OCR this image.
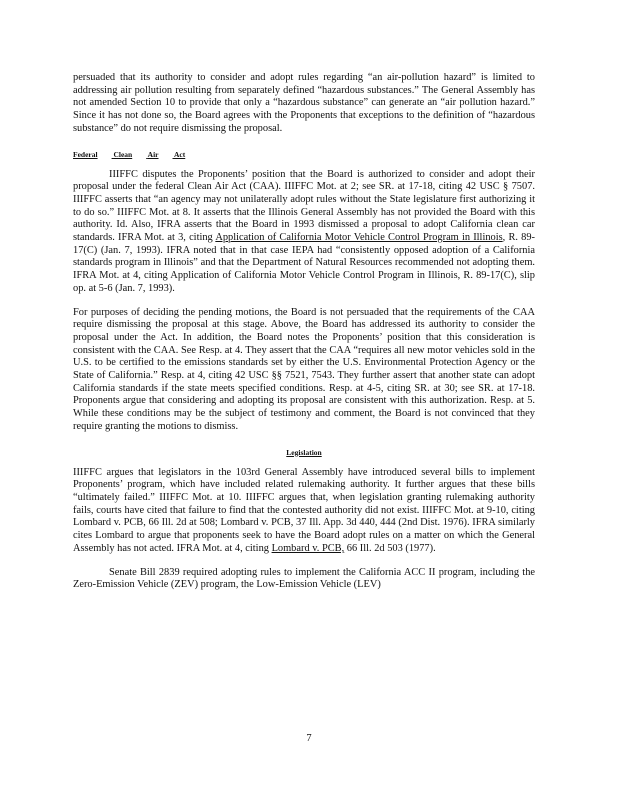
persuaded that its authority to consider and adopt rules regarding “an air-pollution hazard” is limited to addressing air pollution resulting from separately defined “hazardous substances.” The General Assembly has not amended Section 10 to provide that only a “hazardous substance” can generate an “air pollution hazard.” Since it has not done so, the Board agrees with the Proponents that exceptions to the definition of “hazardous substance” do not require dismissing the proposal.

Federal Clean Air Act

IIIFFC disputes the Proponents’ position that the Board is authorized to consider and adopt their proposal under the federal Clean Air Act (CAA). IIIFFC Mot. at 2; see SR. at 17-18, citing 42 USC § 7507. IIIFFC asserts that “an agency may not unilaterally adopt rules without the State legislature first authorizing it to do so.” IIIFFC Mot. at 8. It asserts that the Illinois General Assembly has not provided the Board with this authority. Id. Also, IFRA asserts that the Board in 1993 dismissed a proposal to adopt California clean car standards. IFRA Mot. at 3, citing Application of California Motor Vehicle Control Program in Illinois, R. 89-17(C) (Jan. 7, 1993). IFRA noted that in that case IEPA had “consistently opposed adoption of a California standards program in Illinois” and that the Department of Natural Resources recommended not adopting them. IFRA Mot. at 4, citing Application of California Motor Vehicle Control Program in Illinois, R. 89-17(C), slip op. at 5-6 (Jan. 7, 1993).

For purposes of deciding the pending motions, the Board is not persuaded that the requirements of the CAA require dismissing the proposal at this stage. Above, the Board has addressed its authority to consider the proposal under the Act. In addition, the Board notes the Proponents’ position that this consideration is consistent with the CAA. See Resp. at 4. They assert that the CAA “requires all new motor vehicles sold in the U.S. to be certified to the emissions standards set by either the U.S. Environmental Protection Agency or the State of California.” Resp. at 4, citing 42 USC §§ 7521, 7543. They further assert that another state can adopt California standards if the state meets specified conditions. Resp. at 4-5, citing SR. at 30; see SR. at 17-18. Proponents argue that considering and adopting its proposal are consistent with this authorization. Resp. at 5. While these conditions may be the subject of testimony and comment, the Board is not convinced that they require granting the motions to dismiss.

Legislation

IIIFFC argues that legislators in the 103rd General Assembly have introduced several bills to implement Proponents’ program, which have included related rulemaking authority. It further argues that these bills “ultimately failed.” IIIFFC Mot. at 10. IIIFFC argues that, when legislation granting rulemaking authority fails, courts have cited that failure to find that the contested authority did not exist. IIIFFC Mot. at 9-10, citing Lombard v. PCB, 66 Ill. 2d at 508; Lombard v. PCB, 37 Ill. App. 3d 440, 444 (2nd Dist. 1976). IFRA similarly cites Lombard to argue that proponents seek to have the Board adopt rules on a matter on which the General Assembly has not acted. IFRA Mot. at 4, citing Lombard v. PCB, 66 Ill. 2d 503 (1977).

Senate Bill 2839 required adopting rules to implement the California ACC II program, including the Zero-Emission Vehicle (ZEV) program, the Low-Emission Vehicle (LEV)

7
